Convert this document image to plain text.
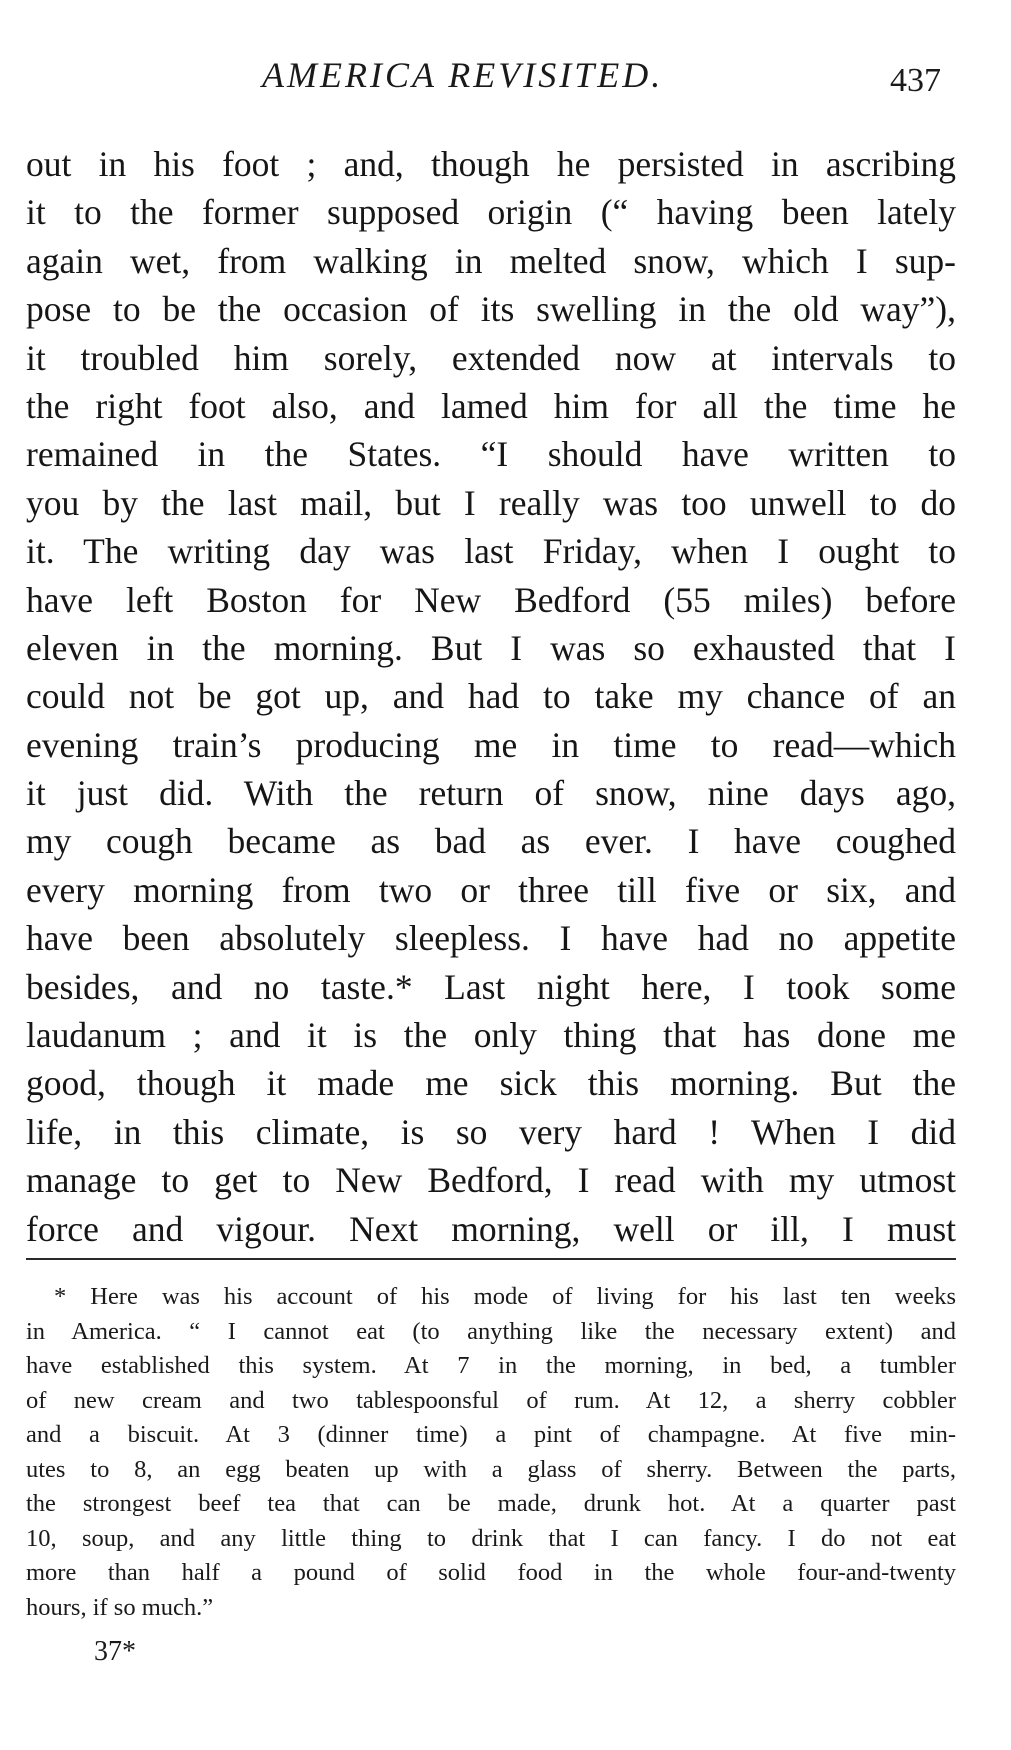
AMERICA REVISITED.	437
out in his foot ; and, though he persisted in ascribing
it to the former supposed origin (“ having been lately
again wet, from walking in melted snow, which I sup-
pose to be the occasion of its swelling in the old way”),
it troubled him sorely, extended now at intervals to
the right foot also, and lamed him for all the time he
remained in the States. “I should have written to
you by the last mail, but I really was too unwell to do
it. The writing day was last Friday, when I ought to
have left Boston for New Bedford (55 miles) before
eleven in the morning. But I was so exhausted that I
could not be got up, and had to take my chance of an
evening train’s producing me in time to read—which
it just did. With the return of snow, nine days ago,
my cough became as bad as ever. I have coughed
every morning from two or three till five or six, and
have been absolutely sleepless. I have had no appetite
besides, and no taste.* Last night here, I took some
laudanum ; and it is the only thing that has done me
good, though it made me sick this morning. But the
life, in this climate, is so very hard ! When I did
manage to get to New Bedford, I read with my utmost
force and vigour. Next morning, well or ill, I must
* Here was his account of his mode of living for his last ten weeks
in America. “ I cannot eat (to anything like the necessary extent) and
have established this system. At 7 in the morning, in bed, a tumbler
of new cream and two tablespoonsful of rum. At 12, a sherry cobbler
and a biscuit. At 3 (dinner time) a pint of champagne. At five min-
utes to 8, an egg beaten up with a glass of sherry. Between the parts,
the strongest beef tea that can be made, drunk hot. At a quarter past
10, soup, and any little thing to drink that I can fancy. I do not eat
more than half a pound of solid food in the whole four-and-twenty
hours, if so much.”
37*
